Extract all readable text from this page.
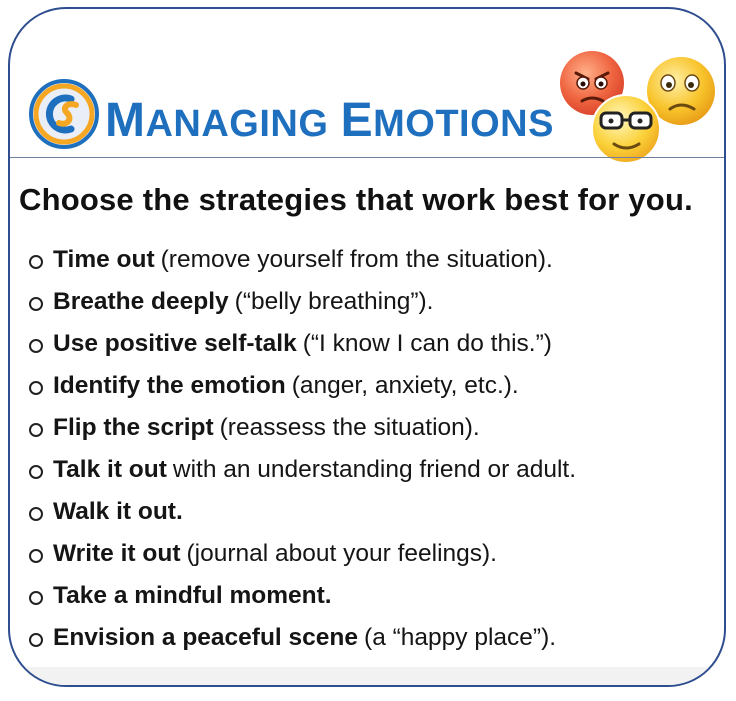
MANAGING EMOTIONS
Choose the strategies that work best for you.
Time out (remove yourself from the situation).
Breathe deeply (“belly breathing”).
Use positive self-talk (“I know I can do this.”)
Identify the emotion (anger, anxiety, etc.).
Flip the script (reassess the situation).
Talk it out with an understanding friend or adult.
Walk it out.
Write it out (journal about your feelings).
Take a mindful moment.
Envision a peaceful scene (a “happy place”).
